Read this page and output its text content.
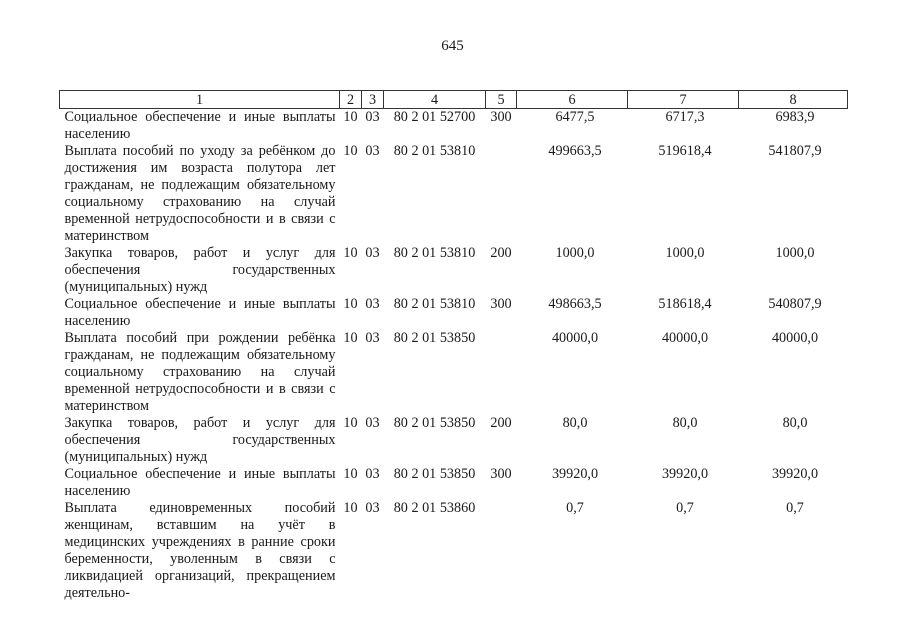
645
1	2	3	4	5	6	7	8
Социальное обеспечение и иные выплаты населению	10	03	80 2 01 52700	300	6477,5	6717,3	6983,9
Выплата пособий по уходу за ребёнком до достижения им возраста полутора лет гражданам, не подлежащим обязательному социальному страхованию на случай временной нетрудоспособности и в связи с материнством	10	03	80 2 01 53810		499663,5	519618,4	541807,9
Закупка товаров, работ и услуг для обеспечения государственных (муниципальных) нужд	10	03	80 2 01 53810	200	1000,0	1000,0	1000,0
Социальное обеспечение и иные выплаты населению	10	03	80 2 01 53810	300	498663,5	518618,4	540807,9
Выплата пособий при рождении ребёнка гражданам, не подлежащим обязательному социальному страхованию на случай временной нетрудоспособности и в связи с материнством	10	03	80 2 01 53850		40000,0	40000,0	40000,0
Закупка товаров, работ и услуг для обеспечения государственных (муниципальных) нужд	10	03	80 2 01 53850	200	80,0	80,0	80,0
Социальное обеспечение и иные выплаты населению	10	03	80 2 01 53850	300	39920,0	39920,0	39920,0
Выплата единовременных пособий женщинам, вставшим на учёт в медицинских учреждениях в ранние сроки беременности, уволенным в связи с ликвидацией организаций, прекращением деятельно-	10	03	80 2 01 53860		0,7	0,7	0,7
